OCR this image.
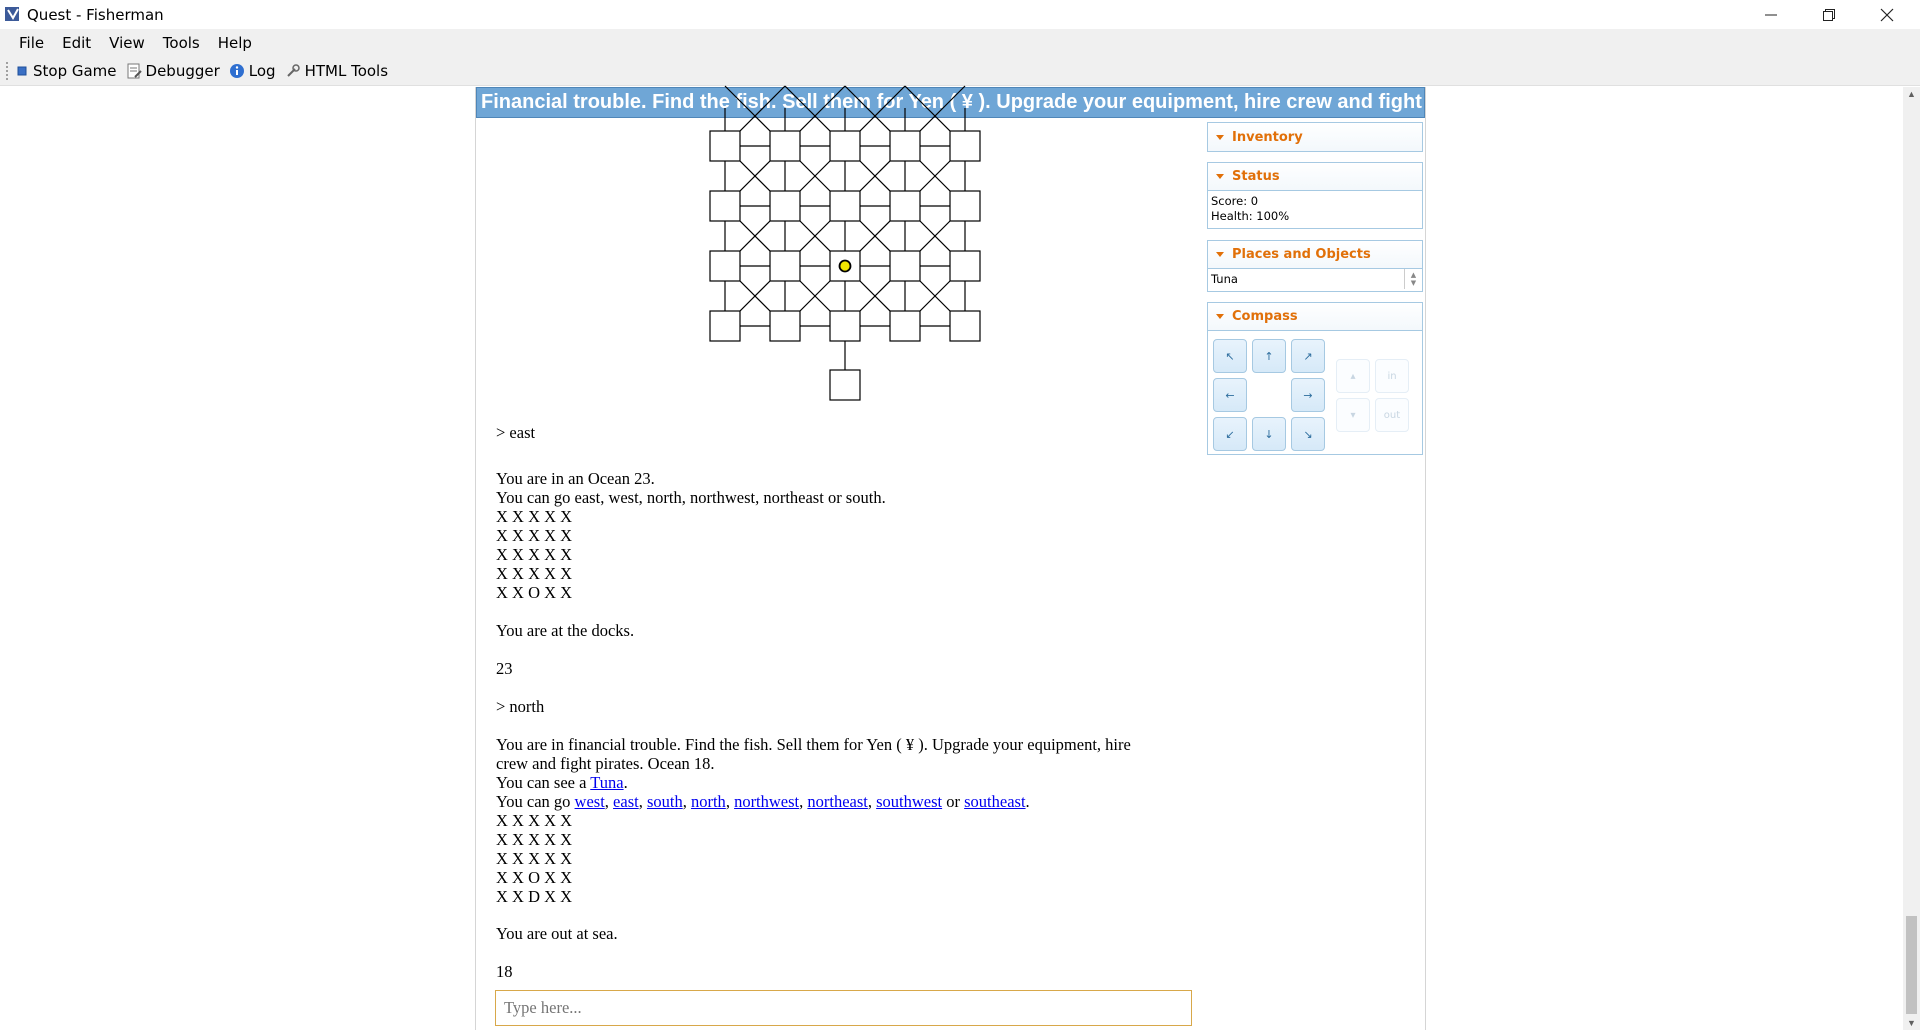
Quest - Fisherman
File	Edit	View	Tools	Help
Stop Game Debugger Log HTML Tools
Financial trouble. Find the fish. Sell them for Yen ( ¥ ). Upgrade your equipment, hire crew and fight pirates. Ocean 18.

> east

You are in an Ocean 23.

You can go east, west, north, northwest, northeast or south.

X X X X X

X X X X X

X X X X X

X X X X X

X X O X X

You are at the docks.

23

> north

You are in financial trouble. Find the fish. Sell them for Yen ( ¥ ). Upgrade your equipment, hire

crew and fight pirates. Ocean 18.

You can see a Tuna.

You can go west, east, south, north, northwest, northeast, southwest or southeast.

X X X X X

X X X X X

X X X X X

X X O X X

X X D X X

You are out at sea.

18

Type here...
Inventory
Status
Score: 0
Health: 100%
Places and Objects
Tuna	▲
▼
Compass
↖	↑	↗
←	→
↙	↓	↘
▴	in
▾	out
▲
▼
